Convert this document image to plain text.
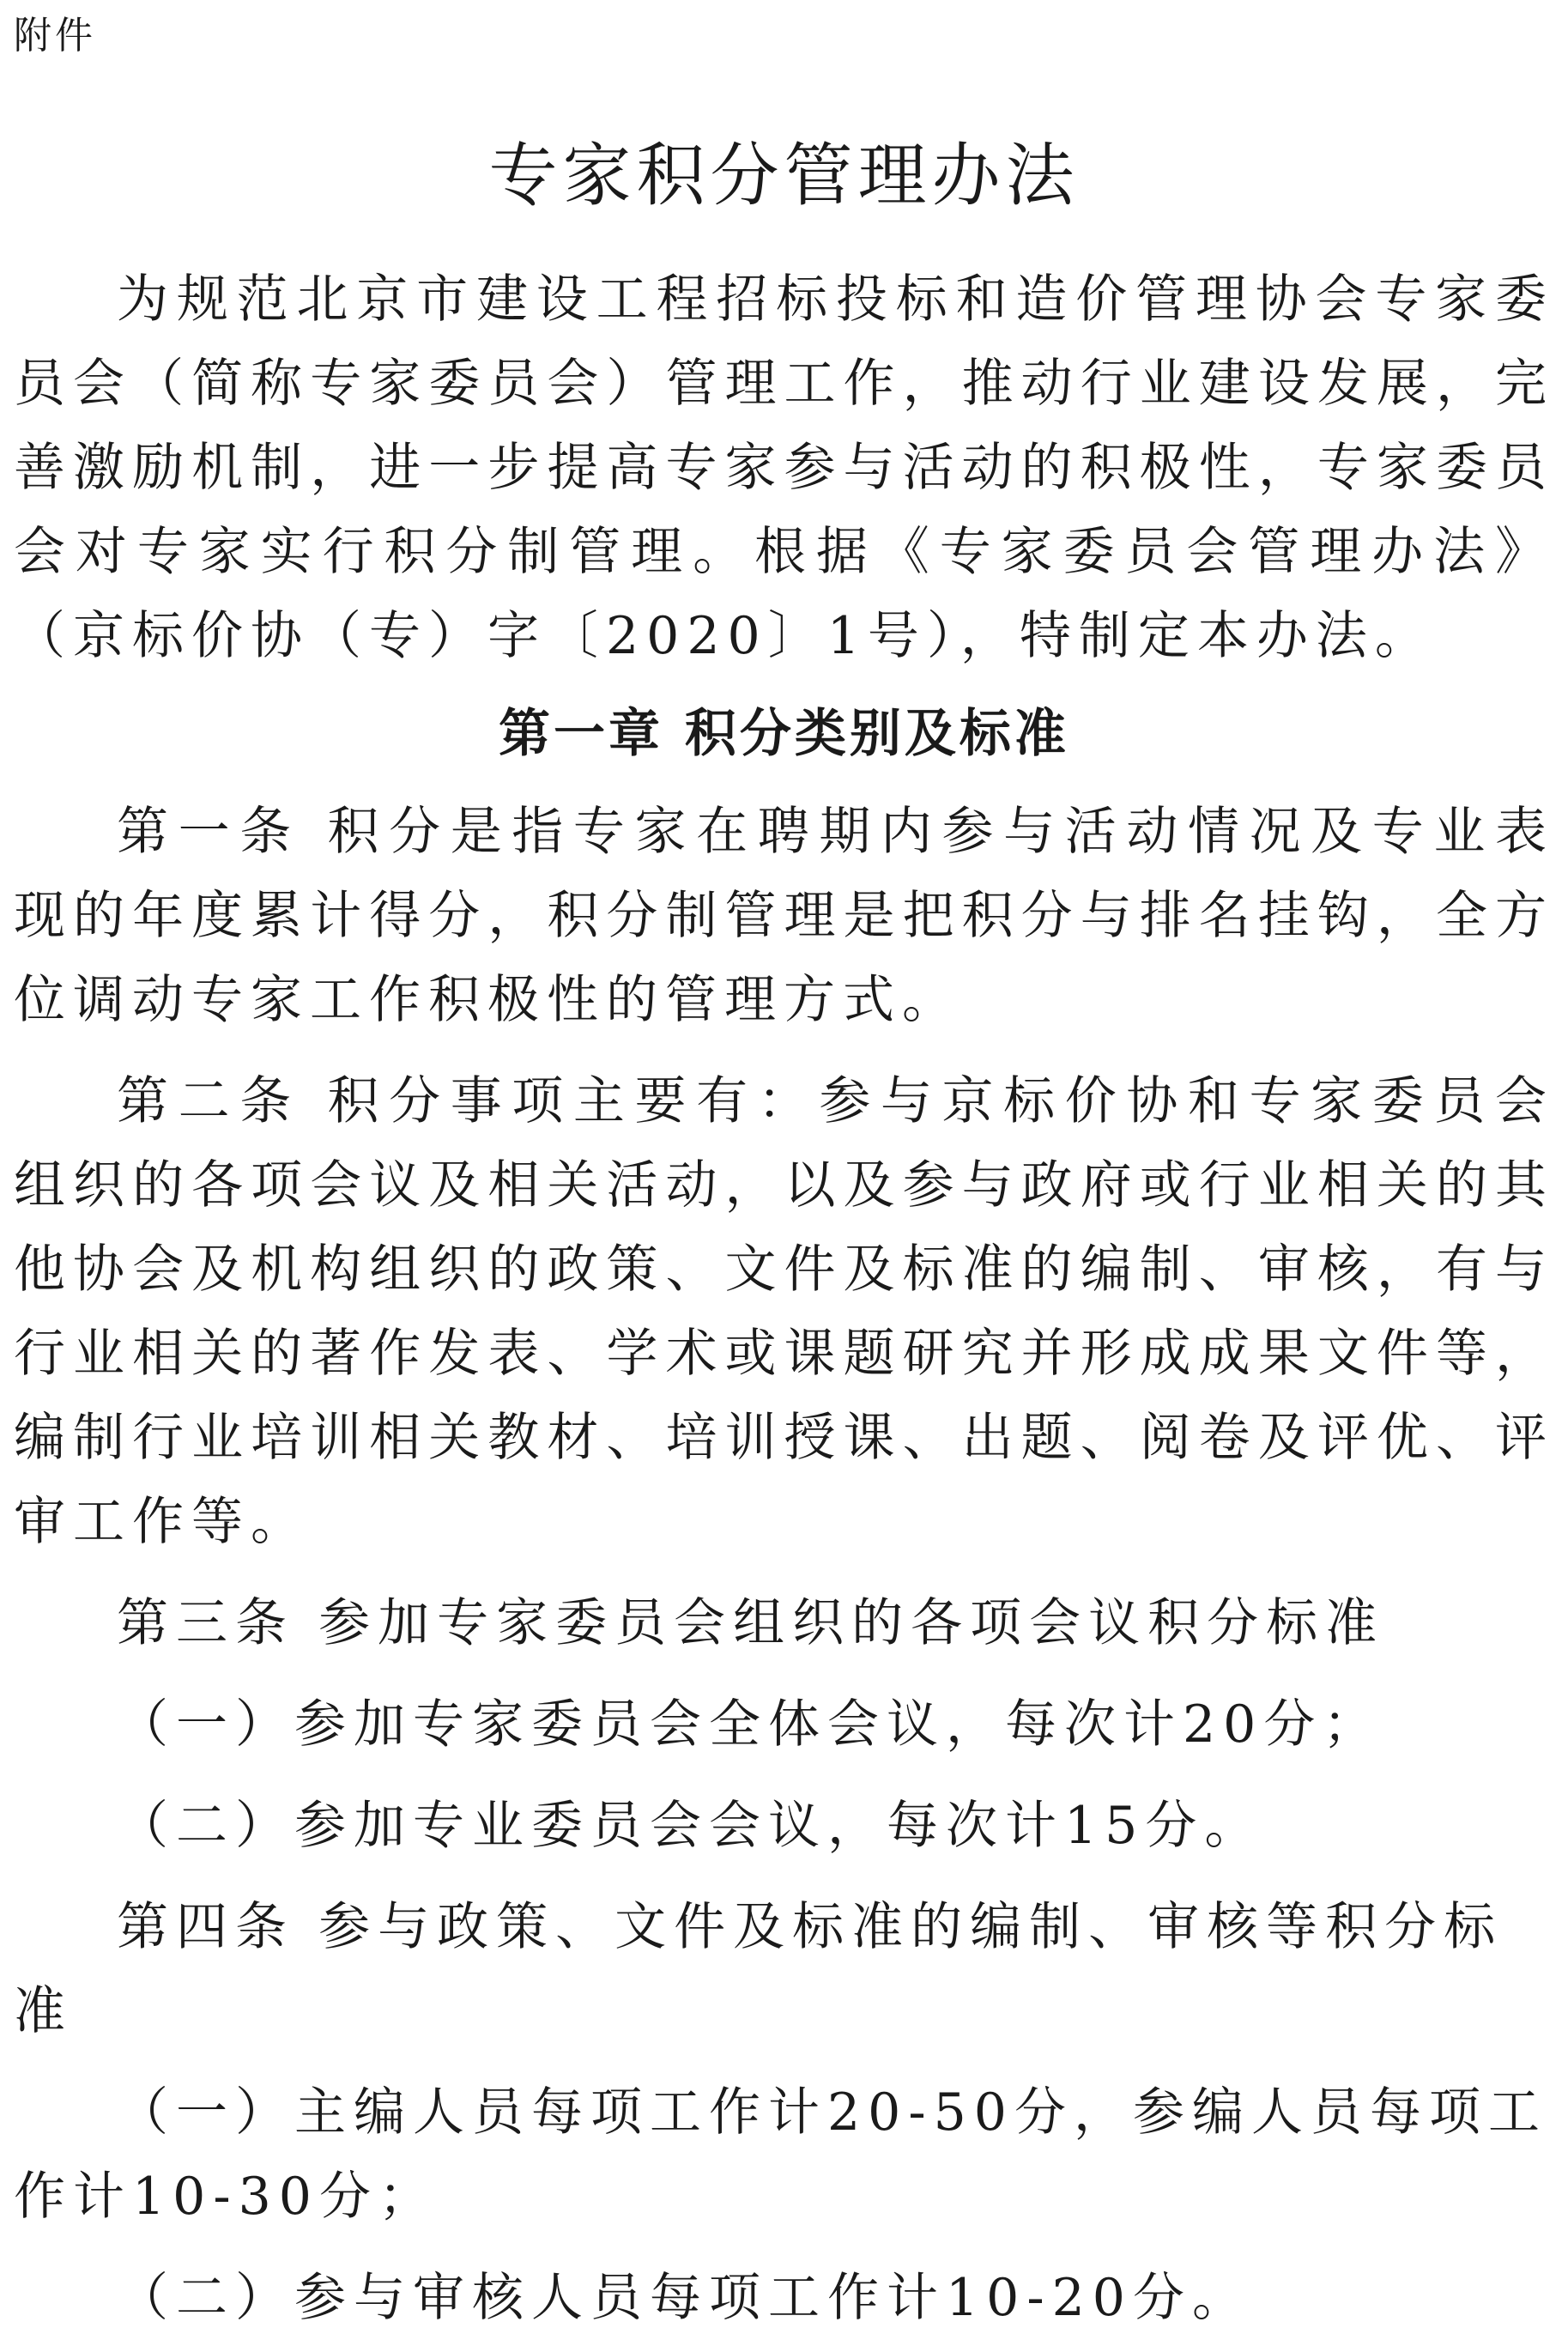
附件
专家积分管理办法

为规范北京市建设工程招标投标和造价管理协会专家委员会（简称专家委员会）管理工作，推动行业建设发展，完善激励机制，进一步提高专家参与活动的积极性，专家委员会对专家实行积分制管理。根据《专家委员会管理办法》（京标价协（专）字〔2020〕1号），特制定本办法。

第一章 积分类别及标准

第一条 积分是指专家在聘期内参与活动情况及专业表现的年度累计得分，积分制管理是把积分与排名挂钩，全方位调动专家工作积极性的管理方式。

第二条 积分事项主要有：参与京标价协和专家委员会组织的各项会议及相关活动，以及参与政府或行业相关的其他协会及机构组织的政策、文件及标准的编制、审核，有与行业相关的著作发表、学术或课题研究并形成成果文件等，编制行业培训相关教材、培训授课、出题、阅卷及评优、评审工作等。

第三条 参加专家委员会组织的各项会议积分标准

（一）参加专家委员会全体会议，每次计20分；

（二）参加专业委员会会议，每次计15分。

第四条 参与政策、文件及标准的编制、审核等积分标准

（一）主编人员每项工作计20-50分，参编人员每项工作计10-30分；

（二）参与审核人员每项工作计10-20分。
